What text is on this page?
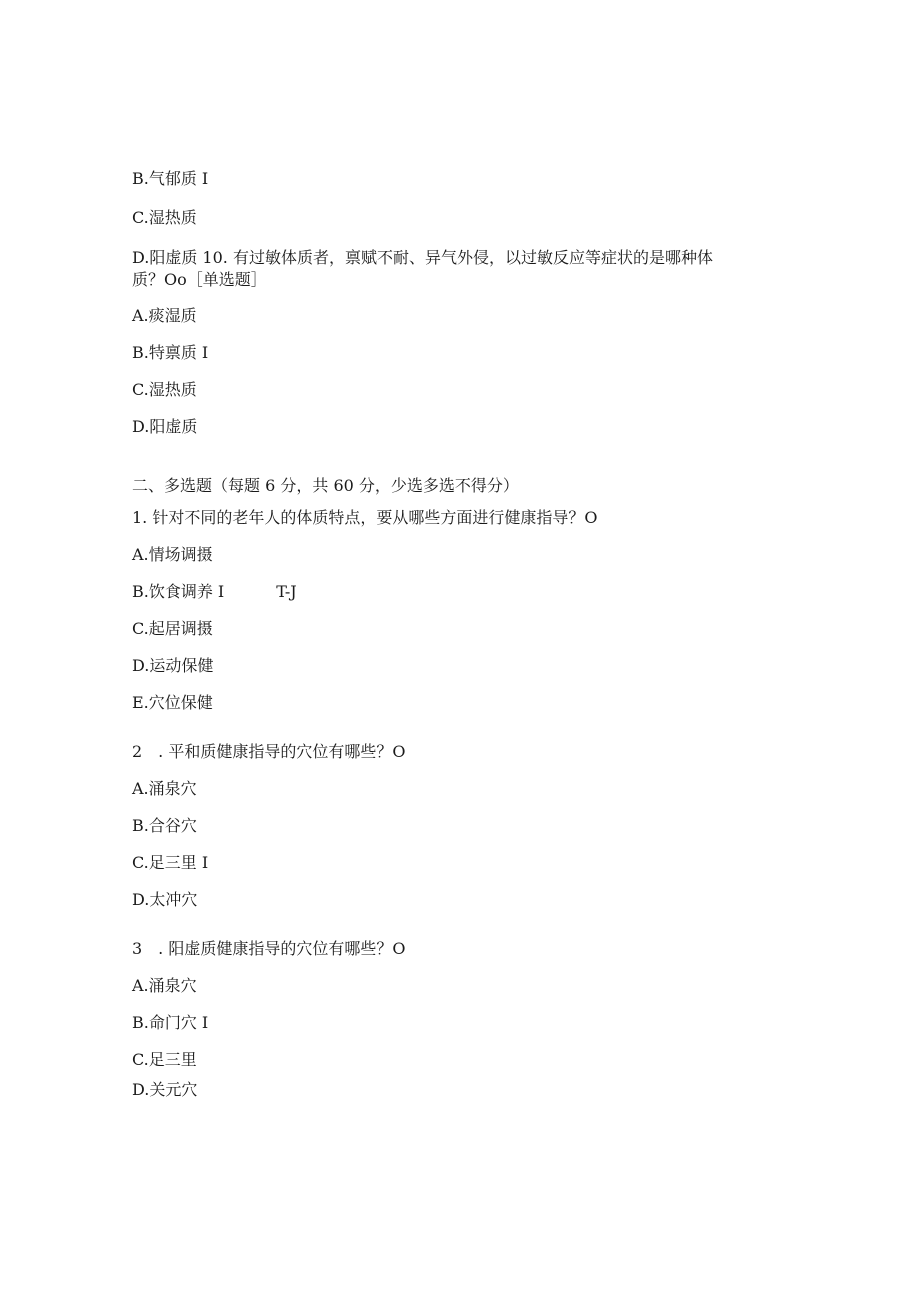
B.气郁质 I
C.湿热质
D.阳虚质 10. 有过敏体质者，禀赋不耐、异气外侵，以过敏反应等症状的是哪种体
质？Oo［单选题］
A.痰湿质
B.特禀质 I
C.湿热质
D.阳虚质
二、多选题（每题 6 分，共 60 分，少选多选不得分）
1. 针对不同的老年人的体质特点，要从哪些方面进行健康指导？O
A.情场调摄
B.饮食调养 I	T-J
C.起居调摄
D.运动保健
E.穴位保健
2　. 平和质健康指导的穴位有哪些？O
A.涌泉穴
B.合谷穴
C.足三里 I
D.太冲穴
3　. 阳虚质健康指导的穴位有哪些？O
A.涌泉穴
B.命门穴 I
C.足三里
D.关元穴
